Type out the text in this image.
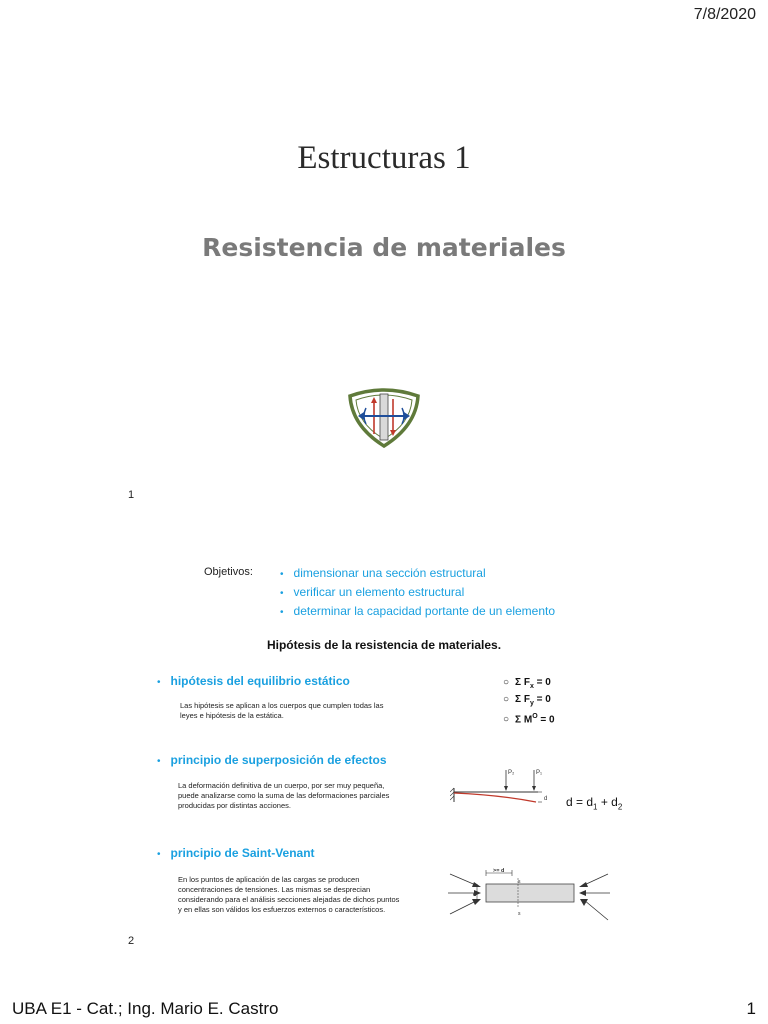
7/8/2020
Estructuras 1
Resistencia de materiales
1
Objetivos:
•	dimensionar una sección estructural
• verificar un elemento estructural
• determinar la capacidad portante de un elemento
Hipótesis de la resistencia de materiales.
• hipótesis del equilibrio estático
Las hipótesis se aplican a los cuerpos que cumplen todas las
leyes e hipótesis de la estática.
○ Σ $F_x = 0$
○ Σ $F_y = 0$
○ Σ $M^O = 0$
• principio de superposición de efectos
La deformación definitiva de un cuerpo, por ser muy pequeña,
puede analizarse como la suma de las deformaciones parciales
producidas por distintas acciones.
P₂	P₁
d $d = d_1 + d_2$
• principio de Saint-Venant
En los puntos de aplicación de las cargas se producen
concentraciones de tensiones. Las mismas se desprecian
considerando para el análisis secciones alejadas de dichos puntos
y en ellas son válidos los esfuerzos externos o característicos.
>= d
s
s
2
UBA E1 - Cat.; Ing. Mario E. Castro	1
